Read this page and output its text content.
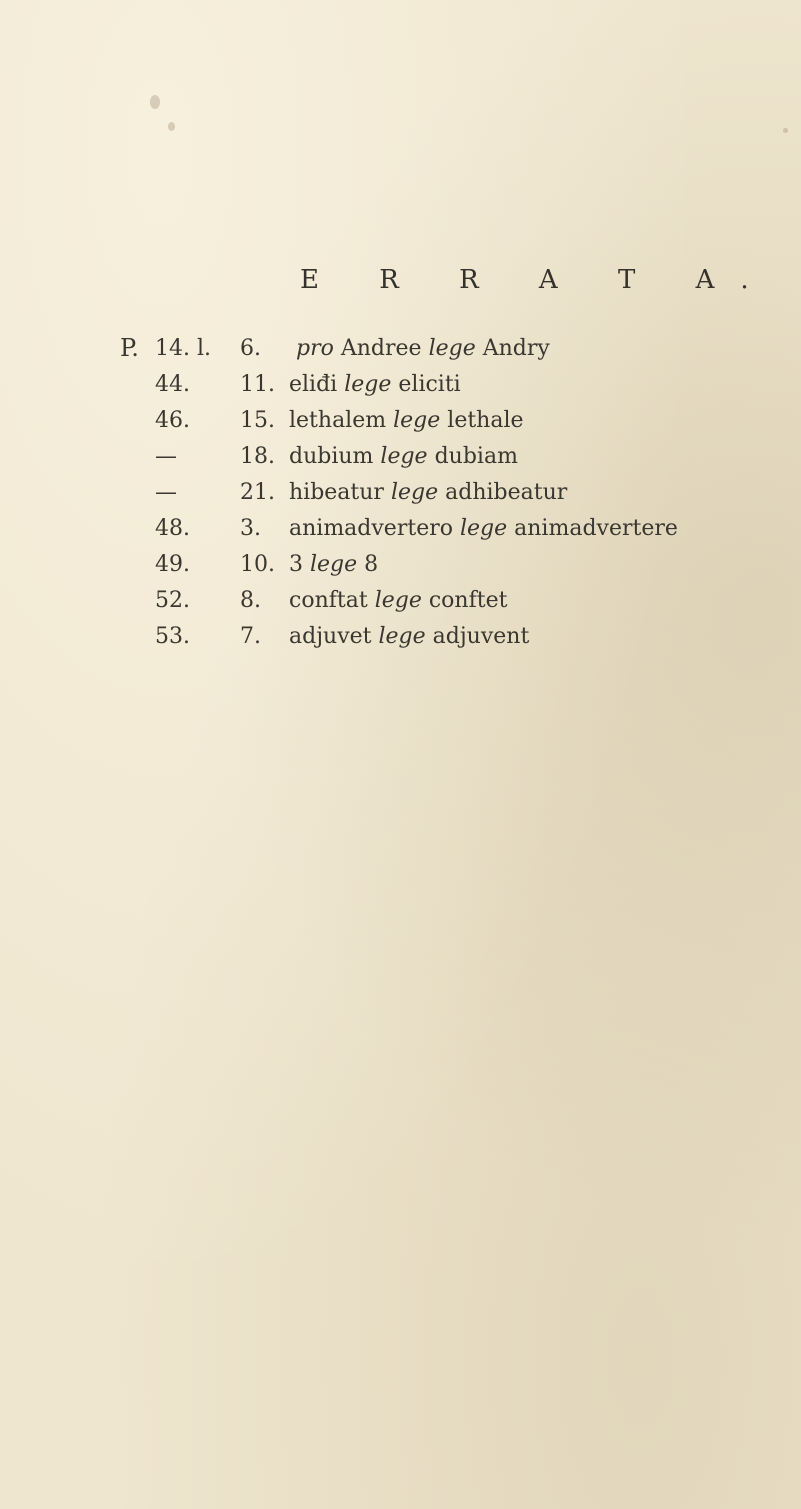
E R R A T A.
P. 14. l. 6.	pro Andree lege Andry
44.	11. eliđi lege eliciti
46.	15. lethalem lege lethale
—	18. dubium lege dubiam
—	21. hibeatur lege adhibeatur
48.	3.	animadvertero lege animadvertere
49.	10. 3 lege 8
52.	8.	conftat lege conftet
53.	7.	adjuvet lege adjuvent
